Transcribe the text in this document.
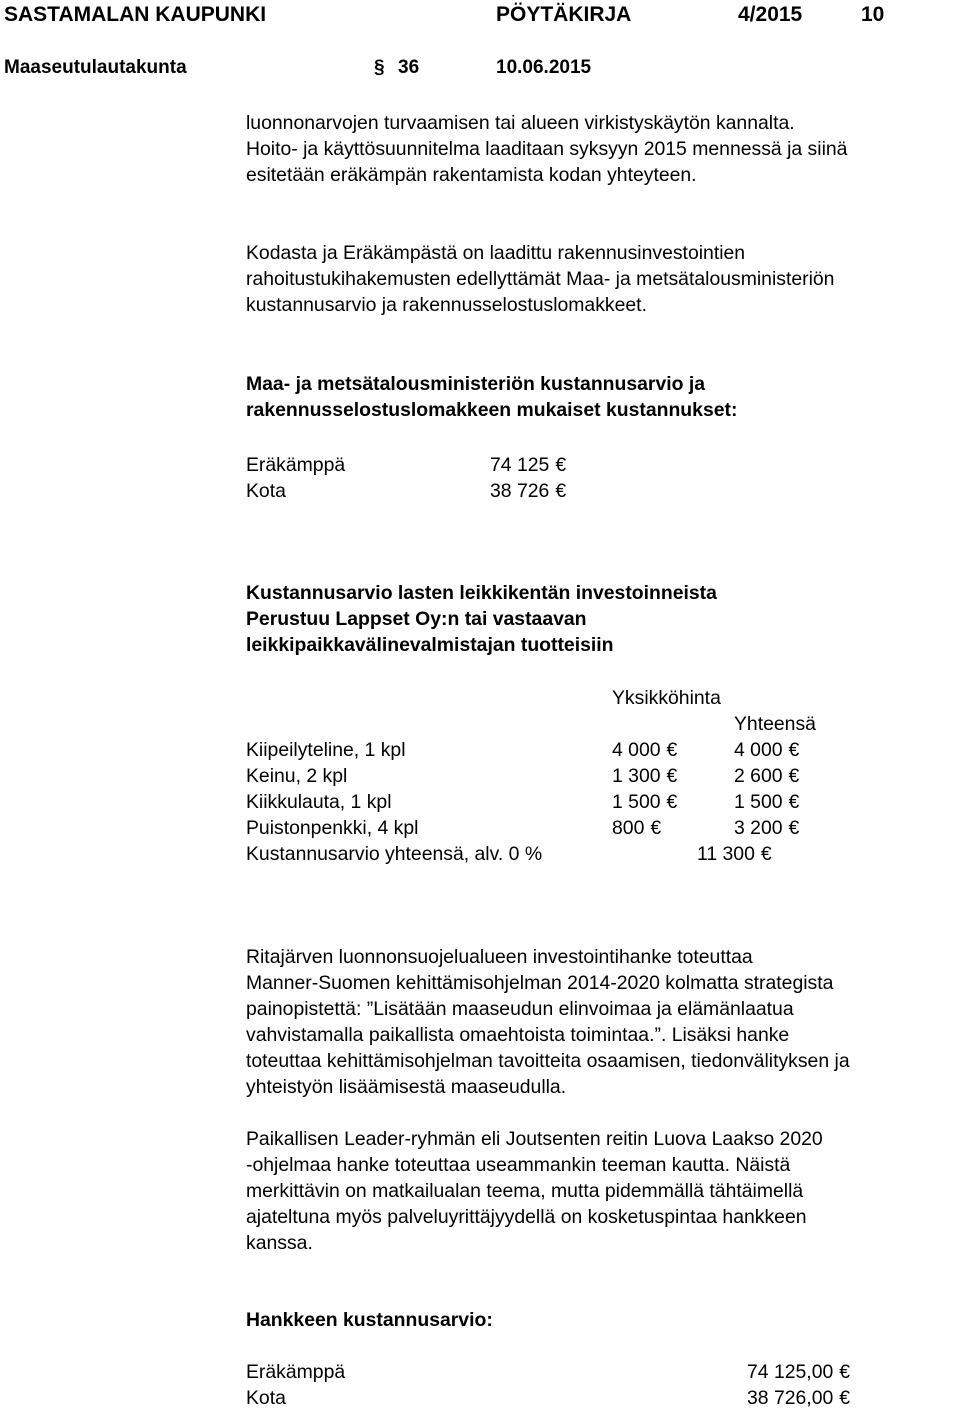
SASTAMALAN KAUPUNKI	PÖYTÄKIRJA	4/2015	10
Maaseutulautakunta	§ 36	10.06.2015
luonnonarvojen turvaamisen tai alueen virkistyskäytön kannalta.
Hoito- ja käyttösuunnitelma laaditaan syksyyn 2015 mennessä ja siinä
esitetään eräkämpän rakentamista kodan yhteyteen.
Kodasta ja Eräkämpästä on laadittu rakennusinvestointien
rahoitustukihakemusten edellyttämät Maa- ja metsätalousministeriön
kustannusarvio ja rakennusselostuslomakkeet.
Maa- ja metsätalousministeriön kustannusarvio ja
rakennusselostuslomakkeen mukaiset kustannukset:
Eräkämppä	74 125 €
Kota	38 726 €
Kustannusarvio lasten leikkikentän investoinneista
Perustuu Lappset Oy:n tai vastaavan
leikkipaikkavälinevalmistajan tuotteisiin
Yksikköhinta
Yhteensä
Kiipeilyteline, 1 kpl	4 000 €	4 000 €
Keinu, 2 kpl	1 300 €	2 600 €
Kiikkulauta, 1 kpl	1 500 €	1 500 €
Puistonpenkki, 4 kpl	800 €	3 200 €
Kustannusarvio yhteensä, alv. 0 %	11 300 €
Ritajärven luonnonsuojelualueen investointihanke toteuttaa
Manner-Suomen kehittämisohjelman 2014-2020 kolmatta strategista
painopistettä: ”Lisätään maaseudun elinvoimaa ja elämänlaatua
vahvistamalla paikallista omaehtoista toimintaa.”. Lisäksi hanke
toteuttaa kehittämisohjelman tavoitteita osaamisen, tiedonvälityksen ja
yhteistyön lisäämisestä maaseudulla.
Paikallisen Leader-ryhmän eli Joutsenten reitin Luova Laakso 2020
-ohjelmaa hanke toteuttaa useammankin teeman kautta. Näistä
merkittävin on matkailualan teema, mutta pidemmällä tähtäimellä
ajateltuna myös palveluyrittäjyydellä on kosketuspintaa hankkeen
kanssa.
Hankkeen kustannusarvio:
Eräkämppä	74 125,00 €
Kota	38 726,00 €
